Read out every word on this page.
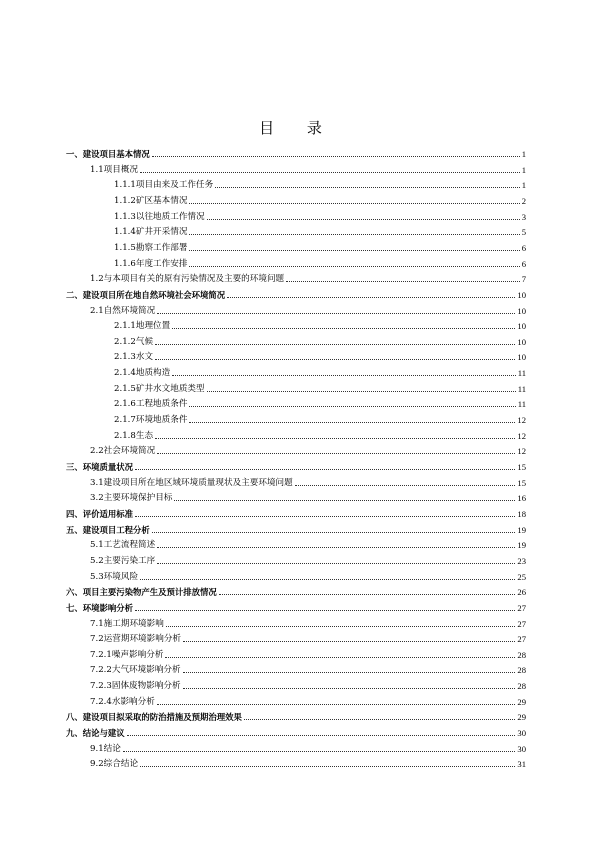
目 录
一、建设项目基本情况	1
1.1项目概况	1
1.1.1项目由来及工作任务	1
1.1.2矿区基本情况	2
1.1.3以往地质工作情况	3
1.1.4矿井开采情况	5
1.1.5勘察工作部署	6
1.1.6年度工作安排	6
1.2与本项目有关的原有污染情况及主要的环境问题	7
二、建设项目所在地自然环境社会环境简况	10
2.1自然环境简况	10
2.1.1地理位置	10
2.1.2气候	10
2.1.3水文	10
2.1.4地质构造	11
2.1.5矿井水文地质类型	11
2.1.6工程地质条件	11
2.1.7环境地质条件	12
2.1.8生态	12
2.2社会环境简况	12
三、环境质量状况	15
3.1建设项目所在地区域环境质量现状及主要环境问题	15
3.2主要环境保护目标	16
四、评价适用标准	18
五、建设项目工程分析	19
5.1工艺流程简述	19
5.2主要污染工序	23
5.3环境风险	25
六、项目主要污染物产生及预计排放情况	26
七、环境影响分析	27
7.1施工期环境影响	27
7.2运营期环境影响分析	27
7.2.1噪声影响分析	28
7.2.2大气环境影响分析	28
7.2.3固体废物影响分析	28
7.2.4水影响分析	29
八、建设项目拟采取的防治措施及预期治理效果	29
九、结论与建议	30
9.1结论	30
9.2综合结论	31
